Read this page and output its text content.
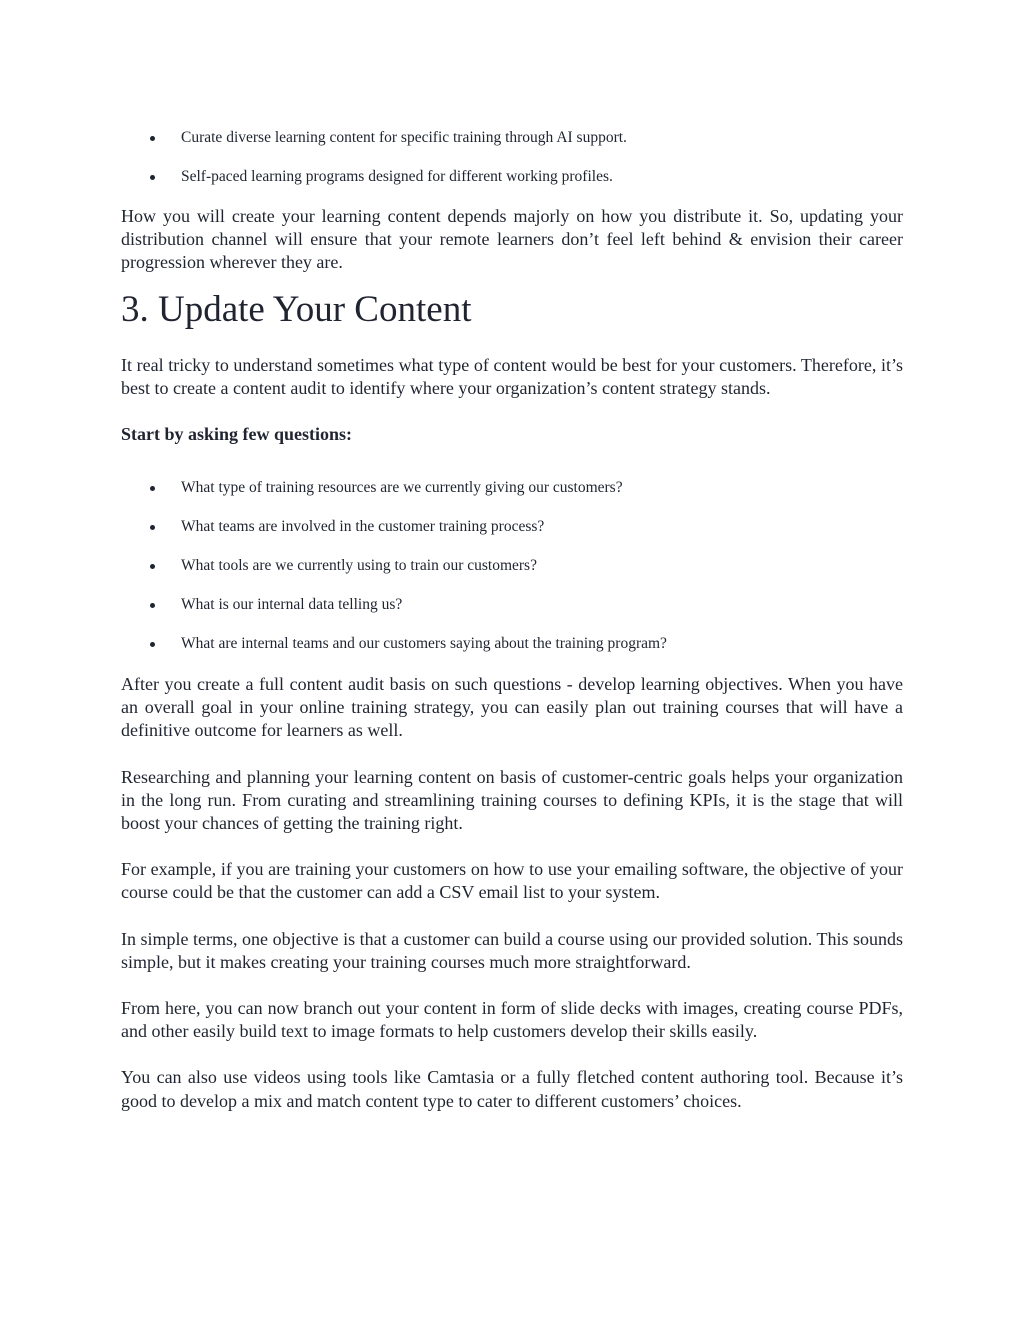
Curate diverse learning content for specific training through AI support.
Self-paced learning programs designed for different working profiles.

How you will create your learning content depends majorly on how you distribute it. So, updating your distribution channel will ensure that your remote learners don’t feel left behind & envision their career progression wherever they are.

3. Update Your Content

It real tricky to understand sometimes what type of content would be best for your customers. Therefore, it’s best to create a content audit to identify where your organization’s content strategy stands.

Start by asking few questions:

What type of training resources are we currently giving our customers?
What teams are involved in the customer training process?
What tools are we currently using to train our customers?
What is our internal data telling us?
What are internal teams and our customers saying about the training program?

After you create a full content audit basis on such questions - develop learning objectives. When you have an overall goal in your online training strategy, you can easily plan out training courses that will have a definitive outcome for learners as well.

Researching and planning your learning content on basis of customer-centric goals helps your organization in the long run. From curating and streamlining training courses to defining KPIs, it is the stage that will boost your chances of getting the training right.

For example, if you are training your customers on how to use your emailing software, the objective of your course could be that the customer can add a CSV email list to your system.

In simple terms, one objective is that a customer can build a course using our provided solution. This sounds simple, but it makes creating your training courses much more straightforward.

From here, you can now branch out your content in form of slide decks with images, creating course PDFs, and other easily build text to image formats to help customers develop their skills easily.

You can also use videos using tools like Camtasia or a fully fletched content authoring tool. Because it’s good to develop a mix and match content type to cater to different customers’ choices.
